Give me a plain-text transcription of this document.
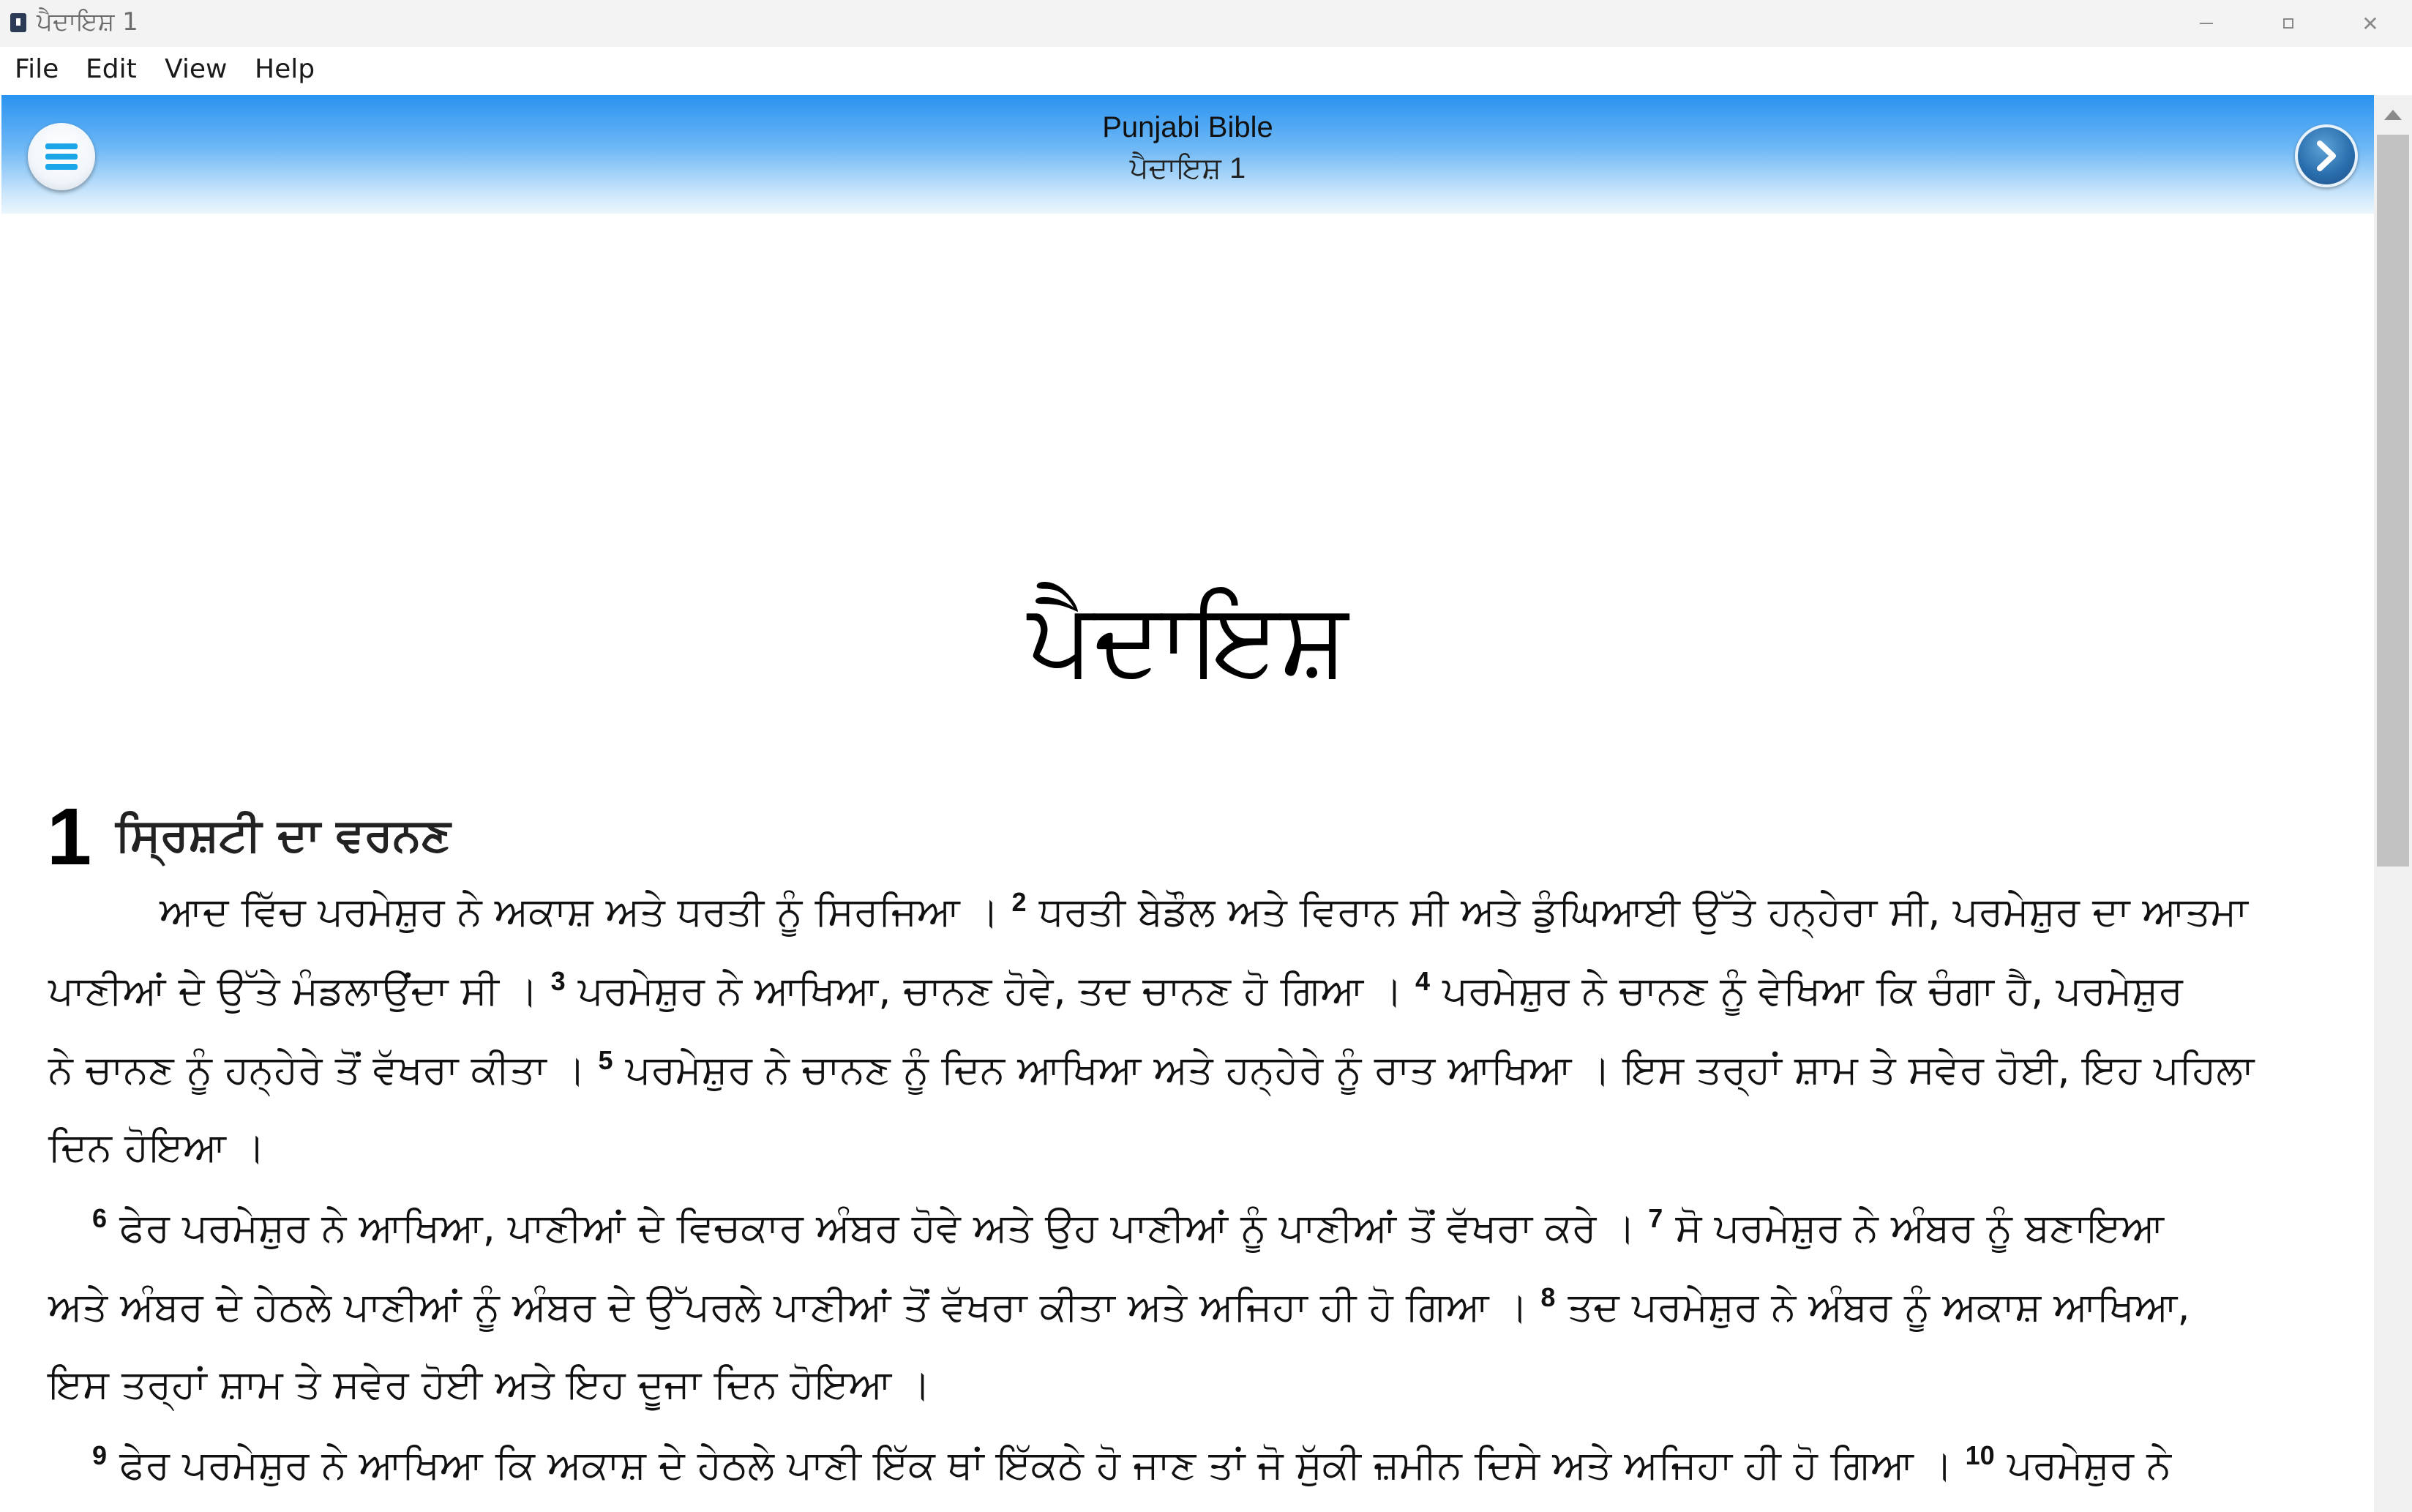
ਪੈਦਾਇਸ਼ 1	✕
File Edit View Help
Punjabi Bible
ਪੈਦਾਇਸ਼ 1
ਪੈਦਾਇਸ਼
1 ਸ੍ਰਿਸ਼ਟੀ ਦਾ ਵਰਨਣ
ਆਦ ਵਿੱਚ ਪਰਮੇਸ਼ੁਰ ਨੇ ਅਕਾਸ਼ ਅਤੇ ਧਰਤੀ ਨੂੰ ਸਿਰਜਿਆ । $^2$ ਧਰਤੀ ਬੇਡੌਲ ਅਤੇ ਵਿਰਾਨ ਸੀ ਅਤੇ ਡੁੰਘਿਆਈ ਉੱਤੇ ਹਨ੍ਹੇਰਾ ਸੀ, ਪਰਮੇਸ਼ੁਰ ਦਾ ਆਤਮਾ
ਪਾਣੀਆਂ ਦੇ ਉੱਤੇ ਮੰਡਲਾਉਂਦਾ ਸੀ । $^3$ ਪਰਮੇਸ਼ੁਰ ਨੇ ਆਖਿਆ, ਚਾਨਣ ਹੋਵੇ, ਤਦ ਚਾਨਣ ਹੋ ਗਿਆ । $^4$ ਪਰਮੇਸ਼ੁਰ ਨੇ ਚਾਨਣ ਨੂੰ ਵੇਖਿਆ ਕਿ ਚੰਗਾ ਹੈ, ਪਰਮੇਸ਼ੁਰ
ਨੇ ਚਾਨਣ ਨੂੰ ਹਨ੍ਹੇਰੇ ਤੋਂ ਵੱਖਰਾ ਕੀਤਾ । $^5$ ਪਰਮੇਸ਼ੁਰ ਨੇ ਚਾਨਣ ਨੂੰ ਦਿਨ ਆਖਿਆ ਅਤੇ ਹਨ੍ਹੇਰੇ ਨੂੰ ਰਾਤ ਆਖਿਆ । ਇਸ ਤਰ੍ਹਾਂ ਸ਼ਾਮ ਤੇ ਸਵੇਰ ਹੋਈ, ਇਹ ਪਹਿਲਾ
ਦਿਨ ਹੋਇਆ ।
$^6$ ਫੇਰ ਪਰਮੇਸ਼ੁਰ ਨੇ ਆਖਿਆ, ਪਾਣੀਆਂ ਦੇ ਵਿਚਕਾਰ ਅੰਬਰ ਹੋਵੇ ਅਤੇ ਉਹ ਪਾਣੀਆਂ ਨੂੰ ਪਾਣੀਆਂ ਤੋਂ ਵੱਖਰਾ ਕਰੇ । $^7$ ਸੋ ਪਰਮੇਸ਼ੁਰ ਨੇ ਅੰਬਰ ਨੂੰ ਬਣਾਇਆ
ਅਤੇ ਅੰਬਰ ਦੇ ਹੇਠਲੇ ਪਾਣੀਆਂ ਨੂੰ ਅੰਬਰ ਦੇ ਉੱਪਰਲੇ ਪਾਣੀਆਂ ਤੋਂ ਵੱਖਰਾ ਕੀਤਾ ਅਤੇ ਅਜਿਹਾ ਹੀ ਹੋ ਗਿਆ । $^8$ ਤਦ ਪਰਮੇਸ਼ੁਰ ਨੇ ਅੰਬਰ ਨੂੰ ਅਕਾਸ਼ ਆਖਿਆ,
ਇਸ ਤਰ੍ਹਾਂ ਸ਼ਾਮ ਤੇ ਸਵੇਰ ਹੋਈ ਅਤੇ ਇਹ ਦੂਜਾ ਦਿਨ ਹੋਇਆ ।
$^9$ ਫੇਰ ਪਰਮੇਸ਼ੁਰ ਨੇ ਆਖਿਆ ਕਿ ਅਕਾਸ਼ ਦੇ ਹੇਠਲੇ ਪਾਣੀ ਇੱਕ ਥਾਂ ਇੱਕਠੇ ਹੋ ਜਾਣ ਤਾਂ ਜੋ ਸੁੱਕੀ ਜ਼ਮੀਨ ਦਿਸੇ ਅਤੇ ਅਜਿਹਾ ਹੀ ਹੋ ਗਿਆ । $^{10}$ ਪਰਮੇਸ਼ੁਰ ਨੇ
